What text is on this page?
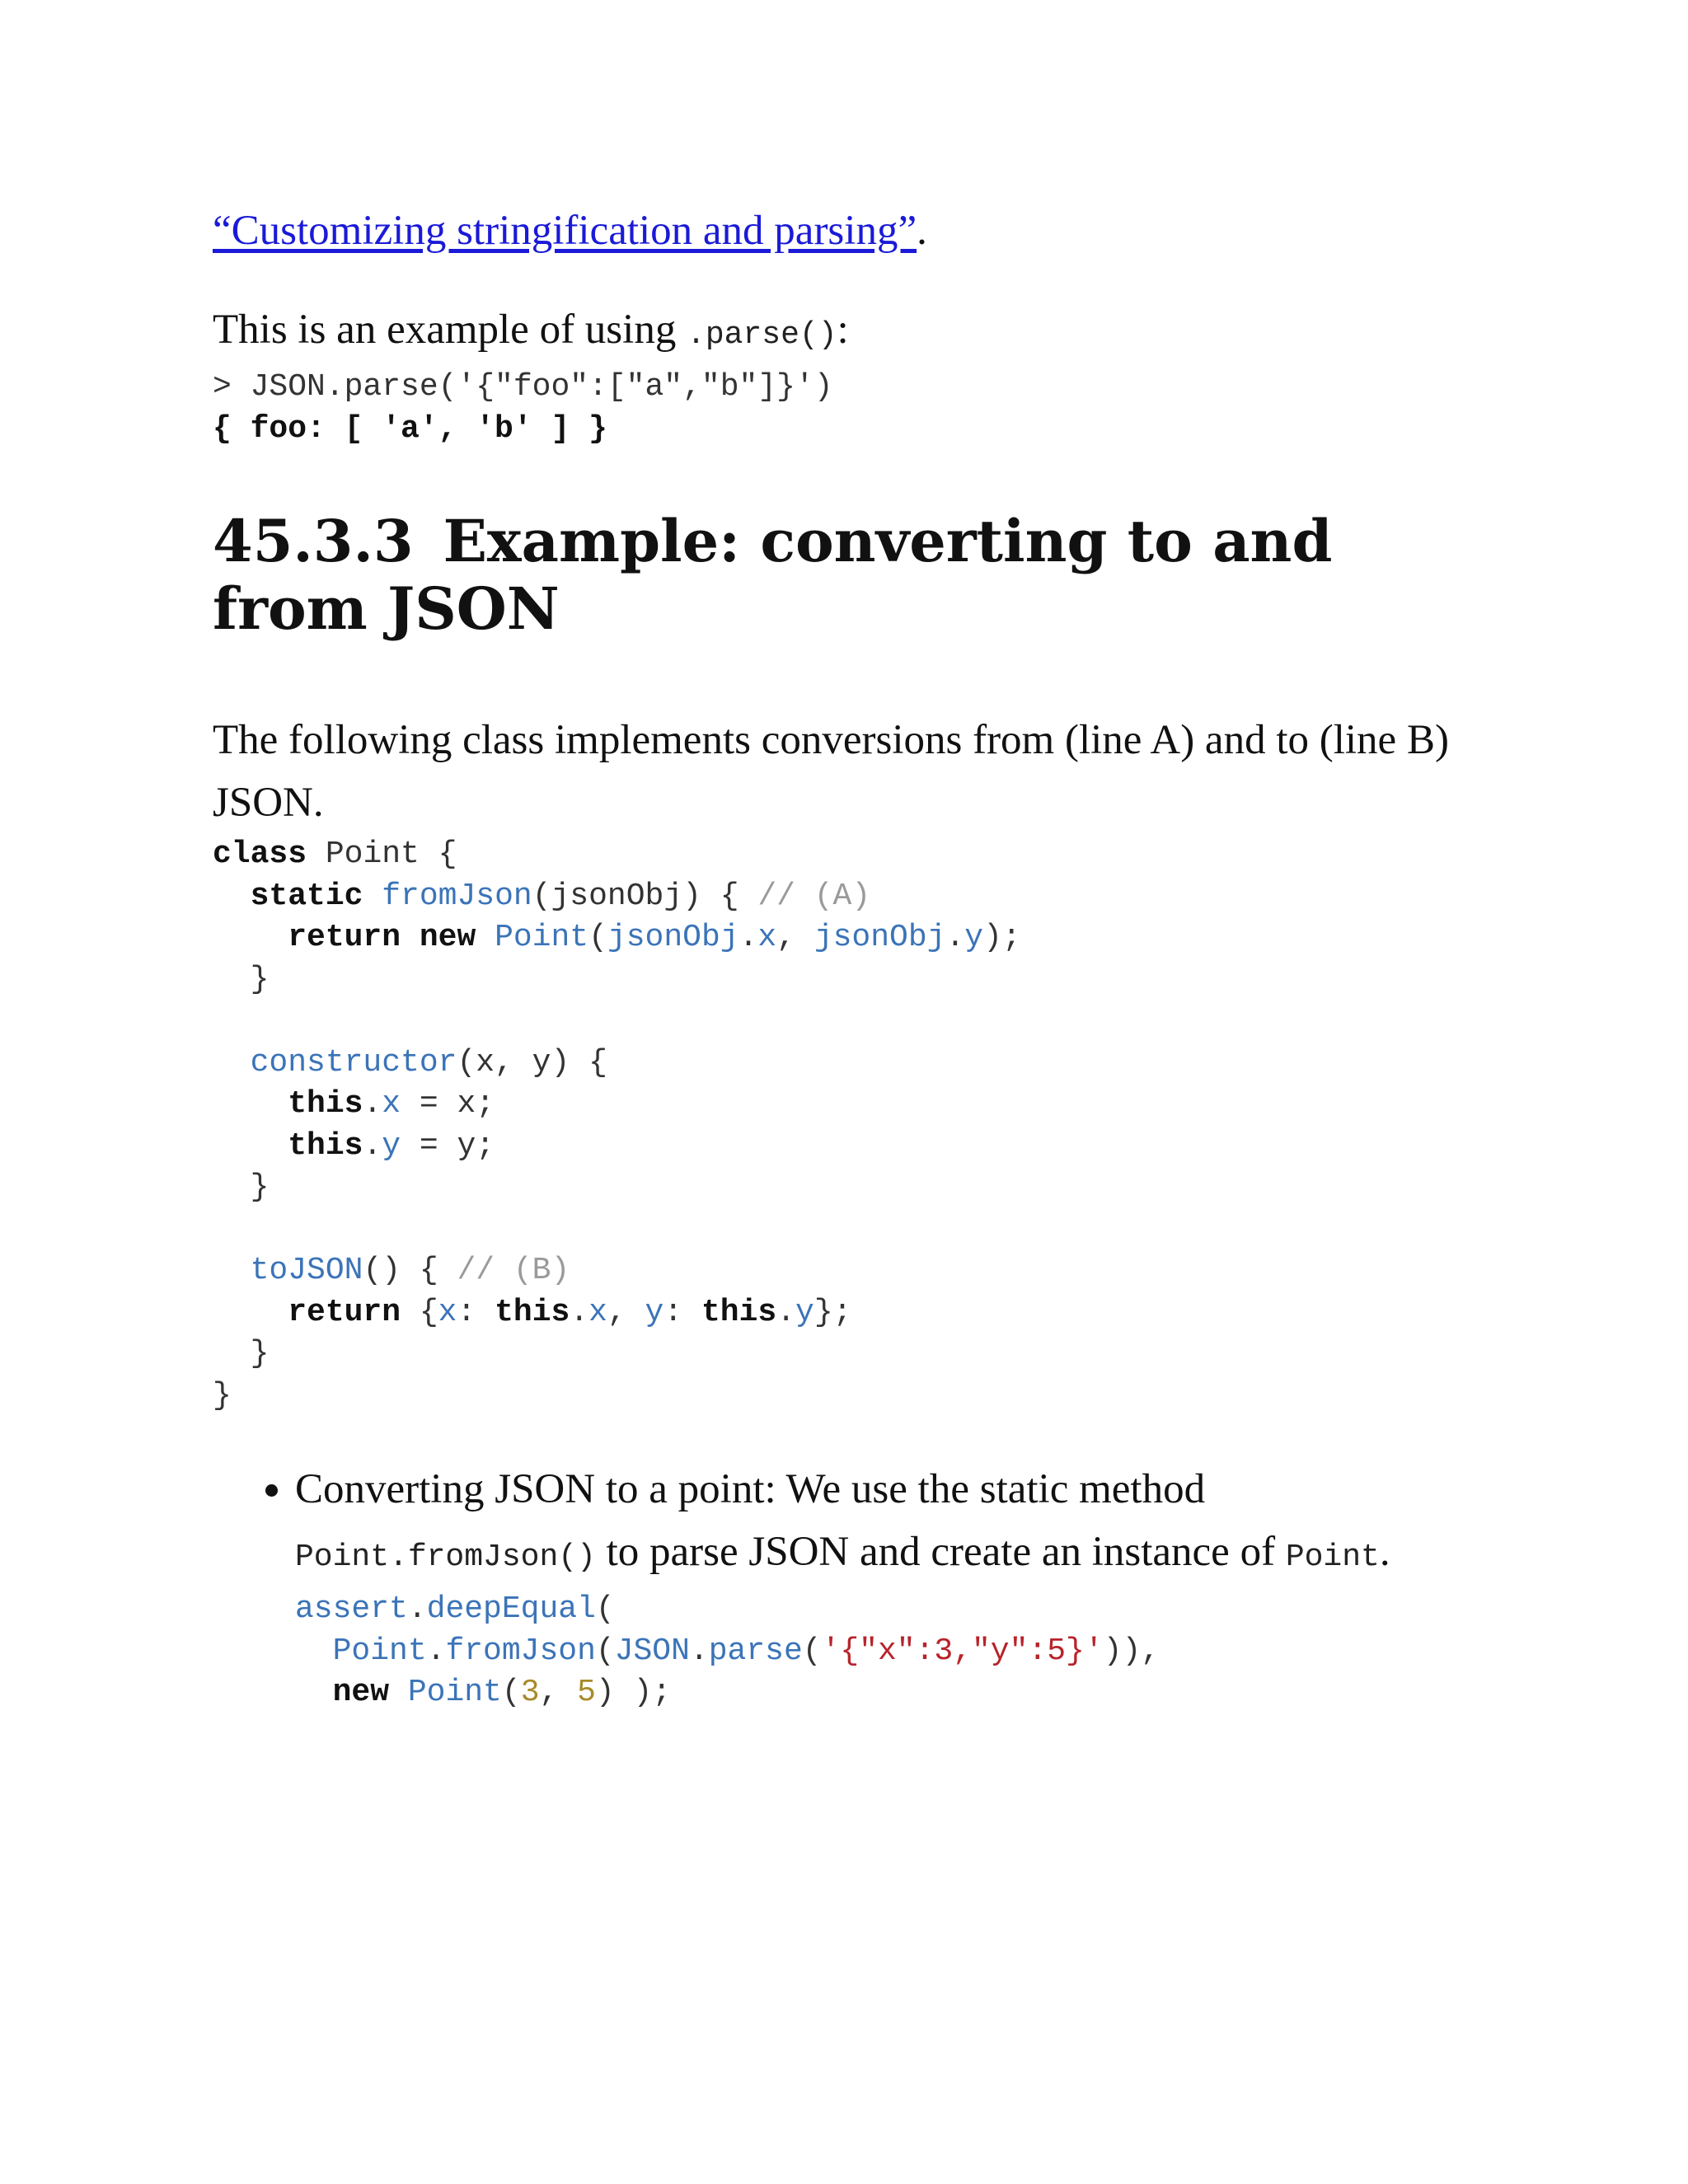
“Customizing stringification and parsing”.

This is an example of using .parse():

> JSON.parse('{"foo":["a","b"]}')
{ foo: [ 'a', 'b' ] }
45.3.3 Example: converting to and from JSON

The following class implements conversions from (line A) and to (line B) JSON.

class Point {
static fromJson(jsonObj) { // (A)
return new Point(jsonObj.x, jsonObj.y);
}

constructor(x, y) {
this.x = x;
this.y = y;
}

toJSON() { // (B)
return {x: this.x, y: this.y};
}
}
• Converting JSON to a point: We use the static method Point.fromJson() to parse JSON and create an instance of Point.
assert.deepEqual(
Point.fromJson(JSON.parse('{"x":3,"y":5}')),
new Point(3, 5) );
